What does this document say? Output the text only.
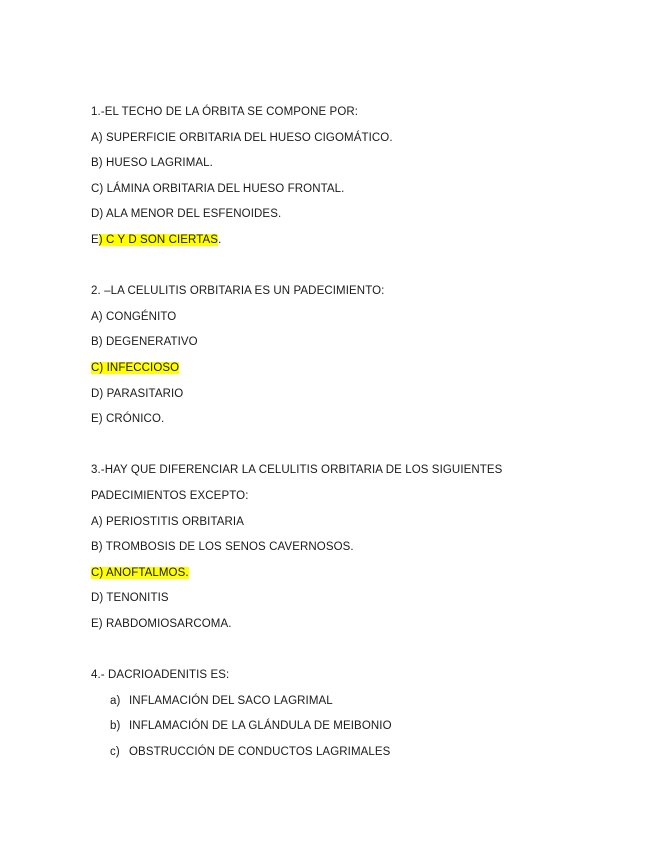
1.-EL TECHO DE LA ÓRBITA SE COMPONE POR:
A) SUPERFICIE ORBITARIA DEL HUESO CIGOMÁTICO.
B) HUESO LAGRIMAL.
C) LÁMINA ORBITARIA DEL HUESO FRONTAL.
D) ALA MENOR DEL ESFENOIDES.
E) C Y D SON CIERTAS.
2. –LA CELULITIS ORBITARIA ES UN PADECIMIENTO:
A) CONGÉNITO
B) DEGENERATIVO
C) INFECCIOSO
D) PARASITARIO
E) CRÓNICO.
3.-HAY QUE DIFERENCIAR LA CELULITIS ORBITARIA DE LOS SIGUIENTES
PADECIMIENTOS EXCEPTO:
A) PERIOSTITIS ORBITARIA
B) TROMBOSIS DE LOS SENOS CAVERNOSOS.
C) ANOFTALMOS.
D) TENONITIS
E) RABDOMIOSARCOMA.
4.- DACRIOADENITIS ES:
a) INFLAMACIÓN DEL SACO LAGRIMAL
b) INFLAMACIÓN DE LA GLÁNDULA DE MEIBONIO
c) OBSTRUCCIÓN DE CONDUCTOS LAGRIMALES
